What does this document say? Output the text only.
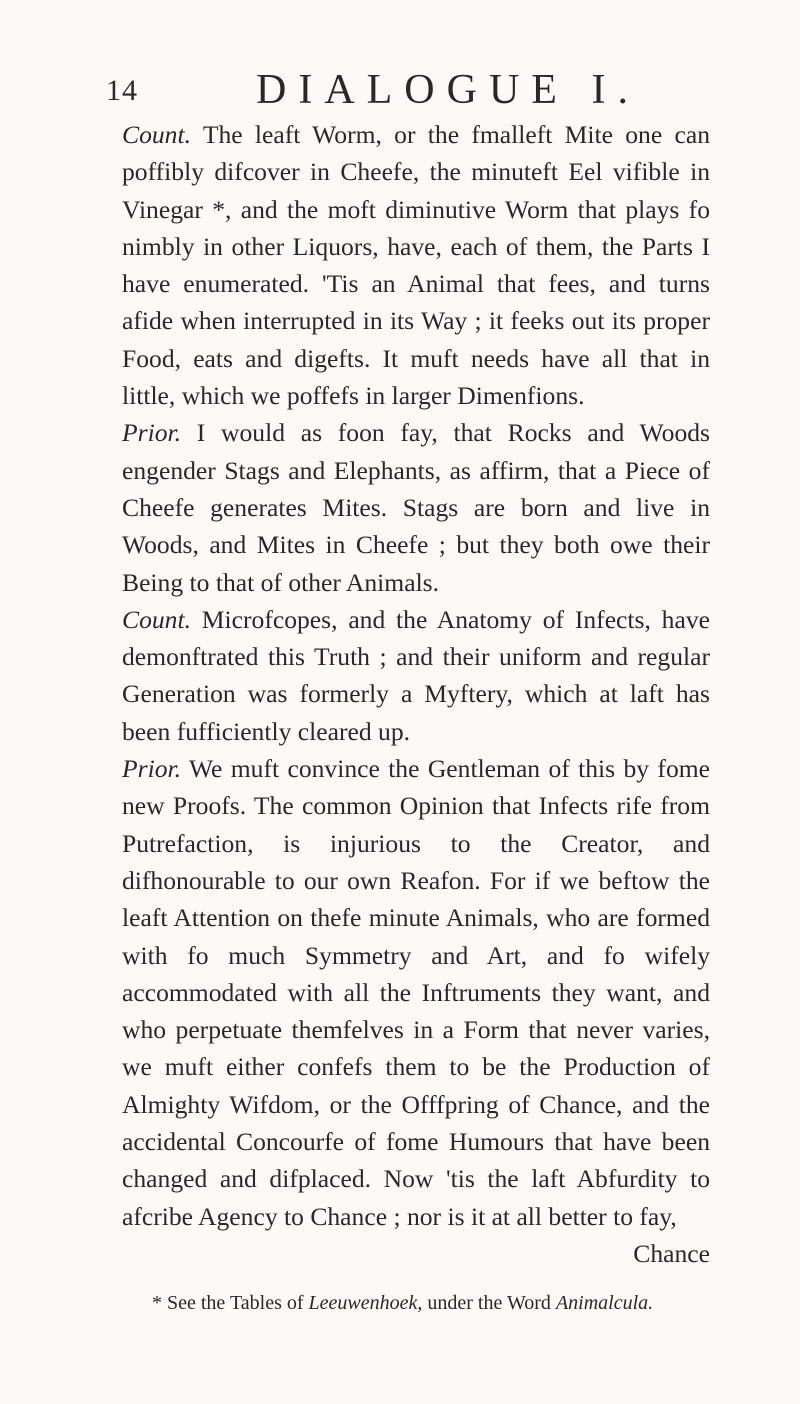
14	DIALOGUE I.

Count. The leaft Worm, or the fmalleft Mite one can poffibly difcover in Cheefe, the minuteft Eel vifible in Vinegar *, and the moft diminutive Worm that plays fo nimbly in other Liquors, have, each of them, the Parts I have enumerated. 'Tis an Animal that fees, and turns afide when interrupted in its Way ; it feeks out its proper Food, eats and digefts. It muft needs have all that in little, which we poffefs in larger Dimenfions.

Prior. I would as foon fay, that Rocks and Woods engender Stags and Elephants, as affirm, that a Piece of Cheefe generates Mites. Stags are born and live in Woods, and Mites in Cheefe ; but they both owe their Being to that of other Animals.

Count. Microfcopes, and the Anatomy of Infects, have demonftrated this Truth ; and their uniform and regular Generation was formerly a Myftery, which at laft has been fufficiently cleared up.

Prior. We muft convince the Gentleman of this by fome new Proofs. The common Opinion that Infects rife from Putrefaction, is injurious to the Creator, and difhonourable to our own Reafon. For if we beftow the leaft Attention on thefe minute Animals, who are formed with fo much Symmetry and Art, and fo wifely accommodated with all the Inftruments they want, and who perpetuate themfelves in a Form that never varies, we muft either confefs them to be the Production of Almighty Wifdom, or the Offfpring of Chance, and the accidental Concourfe of fome Humours that have been changed and difplaced. Now 'tis the laft Abfurdity to afcribe Agency to Chance ; nor is it at all better to fay,

Chance

* See the Tables of Leeuwenhoek, under the Word Animalcula.
